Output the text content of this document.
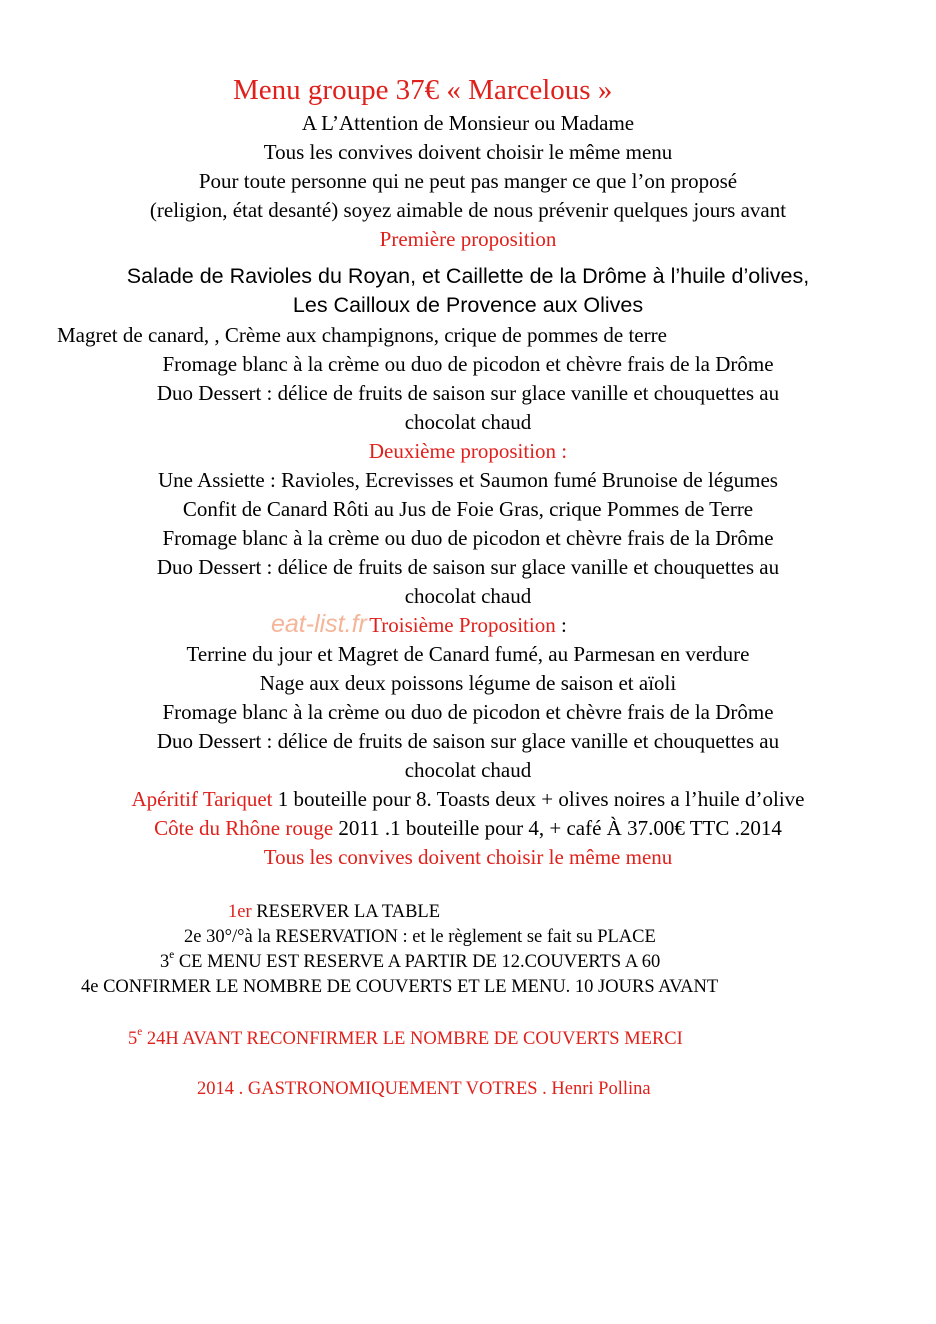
Menu groupe 37€ « Marcelous »
A L’Attention de Monsieur ou Madame
Tous les convives doivent choisir le même menu
Pour toute personne qui ne peut pas manger ce que l’on proposé
(religion, état desanté) soyez aimable de nous prévenir quelques jours avant
Première proposition
Salade de Ravioles du Royan, et Caillette de la Drôme à l’huile d’olives,
Les Cailloux de Provence aux Olives
Magret de canard, , Crème aux champignons, crique de pommes de terre
Fromage blanc à la crème ou duo de picodon et chèvre frais de la Drôme
Duo Dessert : délice de fruits de saison sur glace vanille et chouquettes au
chocolat chaud
Deuxième proposition :
Une Assiette : Ravioles, Ecrevisses et Saumon fumé Brunoise de légumes
Confit de Canard Rôti au Jus de Foie Gras, crique Pommes de Terre
Fromage blanc à la crème ou duo de picodon et chèvre frais de la Drôme
Duo Dessert : délice de fruits de saison sur glace vanille et chouquettes au
chocolat chaud
Troisième Proposition :
Terrine du jour et Magret de Canard fumé, au Parmesan en verdure
Nage aux deux poissons légume de saison et aïoli
Fromage blanc à la crème ou duo de picodon et chèvre frais de la Drôme
Duo Dessert : délice de fruits de saison sur glace vanille et chouquettes au
chocolat chaud
Apéritif Tariquet 1 bouteille pour 8. Toasts deux + olives noires a l’huile d’olive
Côte du Rhône rouge 2011 .1 bouteille pour 4, + café À 37.00€ TTC .2014
Tous les convives doivent choisir le même menu
1er RESERVER LA TABLE
2e 30°/°à la RESERVATION : et le règlement se fait su PLACE
3e CE MENU EST RESERVE A PARTIR DE 12.COUVERTS A 60
4e CONFIRMER LE NOMBRE DE COUVERTS ET LE MENU. 10 JOURS AVANT
5e 24H AVANT RECONFIRMER LE NOMBRE DE COUVERTS MERCI
2014 . GASTRONOMIQUEMENT VOTRES . Henri Pollina
eat-list.fr
